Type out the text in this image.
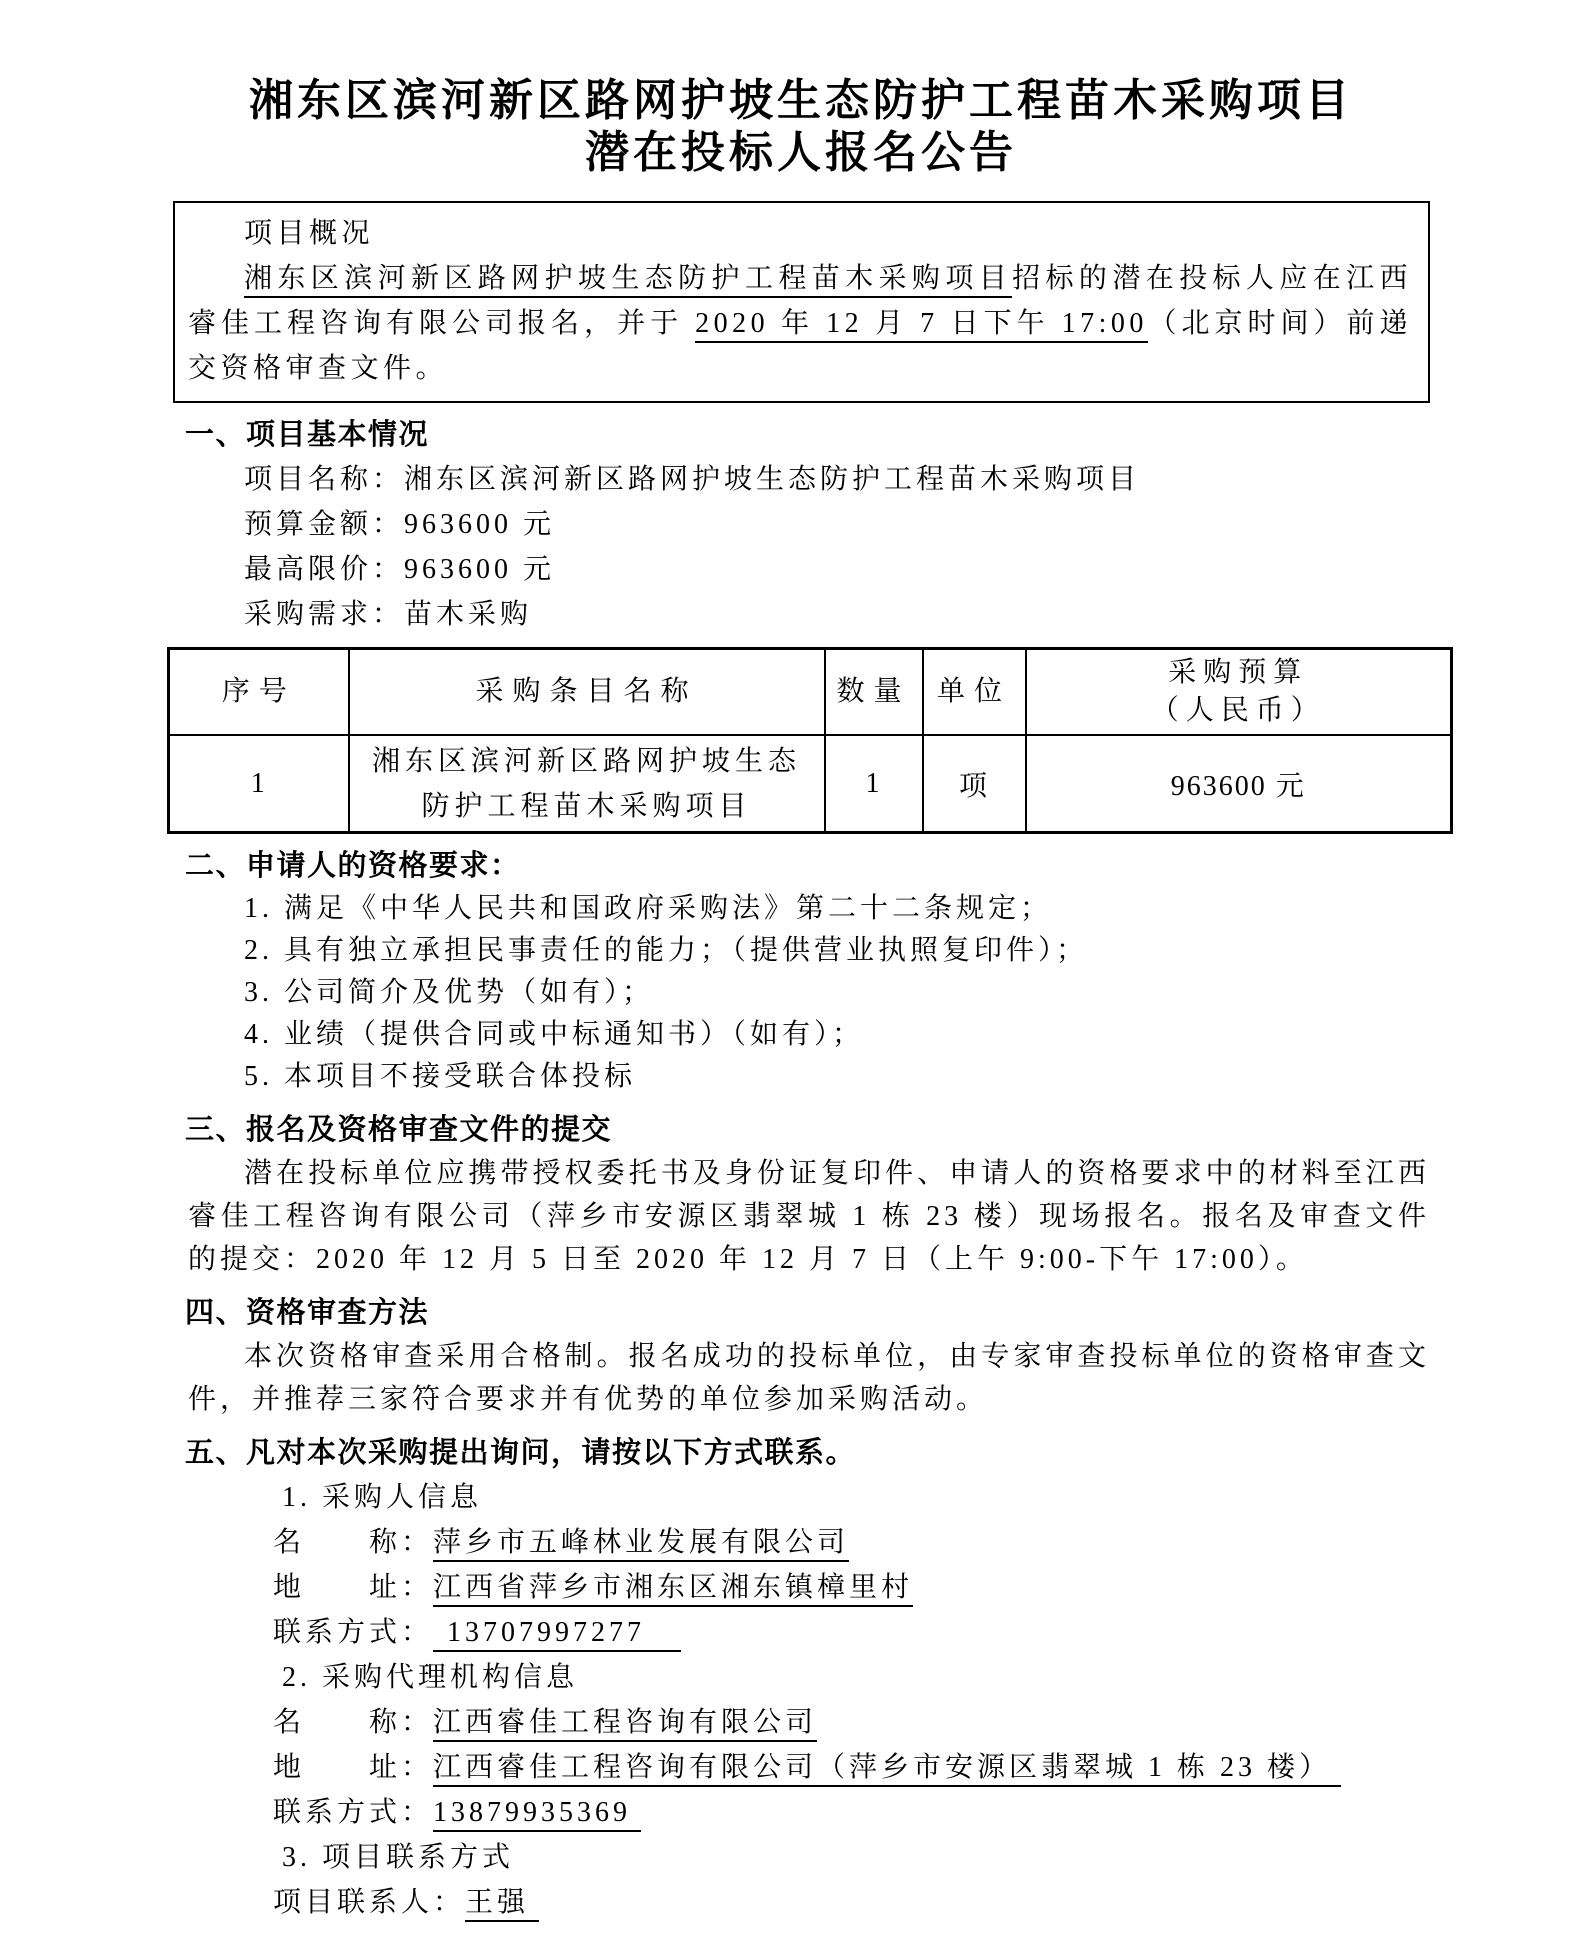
湘东区滨河新区路网护坡生态防护工程苗木采购项目
潜在投标人报名公告

项目概况

湘东区滨河新区路网护坡生态防护工程苗木采购项目招标的潜在投标人应在江西睿佳工程咨询有限公司报名，并于 2020 年 12 月 7 日下午 17:00（北京时间）前递交资格审查文件。

一、项目基本情况

项目名称：湘东区滨河新区路网护坡生态防护工程苗木采购项目

预算金额：963600 元

最高限价：963600 元

采购需求：苗木采购

序号	采购条目名称	数量	单位	采购预算
（人民币）

1	湘东区滨河新区路网护坡生态防护工程苗木采购项目	1	项	963600 元
二、申请人的资格要求：

1. 满足《中华人民共和国政府采购法》第二十二条规定；

2. 具有独立承担民事责任的能力；（提供营业执照复印件）；

3. 公司简介及优势（如有）；

4. 业绩（提供合同或中标通知书）（如有）；

5. 本项目不接受联合体投标

三、报名及资格审查文件的提交

潜在投标单位应携带授权委托书及身份证复印件、申请人的资格要求中的材料至江西睿佳工程咨询有限公司（萍乡市安源区翡翠城 1 栋 23 楼）现场报名。报名及审查文件的提交：2020 年 12 月 5 日至 2020 年 12 月 7 日（上午 9:00-下午 17:00）。

四、资格审查方法

本次资格审查采用合格制。报名成功的投标单位，由专家审查投标单位的资格审查文件，并推荐三家符合要求并有优势的单位参加采购活动。

五、凡对本次采购提出询问，请按以下方式联系。

1. 采购人信息

名　　称：萍乡市五峰林业发展有限公司

地　　址：江西省萍乡市湘东区湘东镇樟里村

联系方式： 13707997277

2. 采购代理机构信息

名　　称：江西睿佳工程咨询有限公司

地　　址：江西睿佳工程咨询有限公司（萍乡市安源区翡翠城 1 栋 23 楼）

联系方式：13879935369

3. 项目联系方式

项目联系人：王强
